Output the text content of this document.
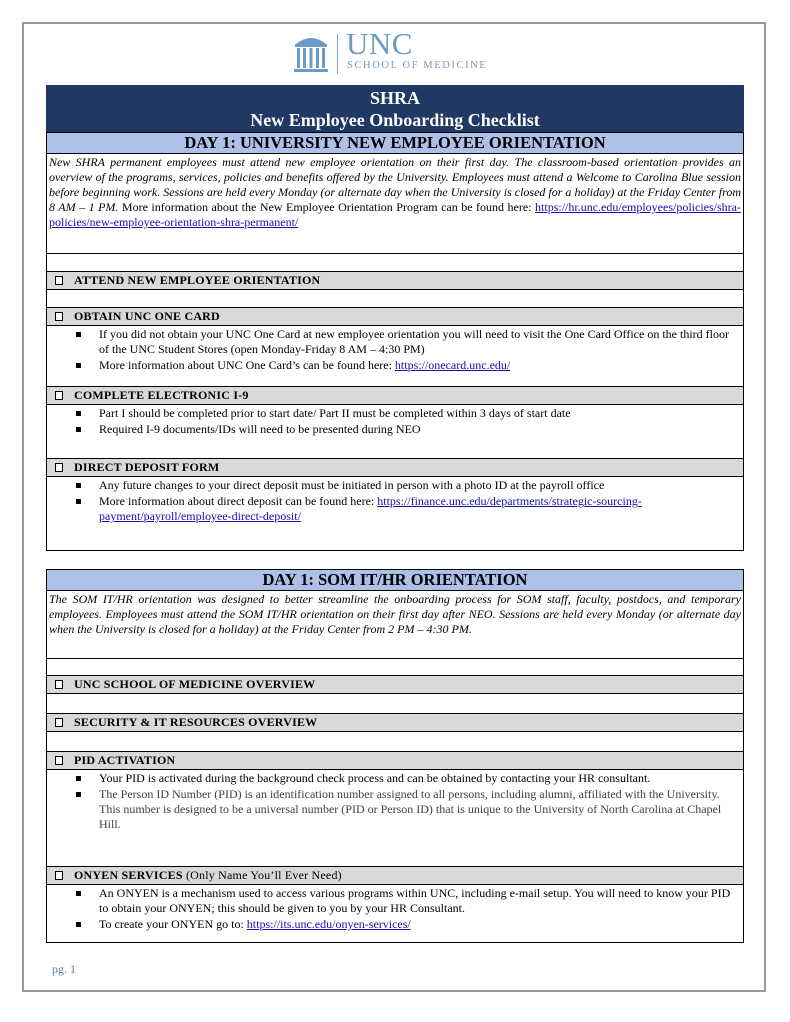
UNC
SCHOOL OF MEDICINE
SHRA
New Employee Onboarding Checklist
DAY 1: UNIVERSITY NEW EMPLOYEE ORIENTATION
New SHRA permanent employees must attend new employee orientation on their first day. The classroom-based orientation provides an overview of the programs, services, policies and benefits offered by the University. Employees must attend a Welcome to Carolina Blue session before beginning work. Sessions are held every Monday (or alternate day when the University is closed for a holiday) at the Friday Center from 8 AM – 1 PM. More information about the New Employee Orientation Program can be found here: https://hr.unc.edu/employees/policies/shra-policies/new-employee-orientation-shra-permanent/
ATTEND NEW EMPLOYEE ORIENTATION
OBTAIN UNC ONE CARD
If you did not obtain your UNC One Card at new employee orientation you will need to visit the One Card Office on the third floor of the UNC Student Stores (open Monday-Friday 8 AM – 4:30 PM)
More information about UNC One Card’s can be found here: https://onecard.unc.edu/
COMPLETE ELECTRONIC I-9
Part I should be completed prior to start date/ Part II must be completed within 3 days of start date
Required I-9 documents/IDs will need to be presented during NEO
DIRECT DEPOSIT FORM
Any future changes to your direct deposit must be initiated in person with a photo ID at the payroll office
More information about direct deposit can be found here: https://finance.unc.edu/departments/strategic-sourcing-payment/payroll/employee-direct-deposit/
DAY 1: SOM IT/HR ORIENTATION
The SOM IT/HR orientation was designed to better streamline the onboarding process for SOM staff, faculty, postdocs, and temporary employees. Employees must attend the SOM IT/HR orientation on their first day after NEO. Sessions are held every Monday (or alternate day when the University is closed for a holiday) at the Friday Center from 2 PM – 4:30 PM.
UNC SCHOOL OF MEDICINE OVERVIEW
SECURITY & IT RESOURCES OVERVIEW
PID ACTIVATION
Your PID is activated during the background check process and can be obtained by contacting your HR consultant.
The Person ID Number (PID) is an identification number assigned to all persons, including alumni, affiliated with the University. This number is designed to be a universal number (PID or Person ID) that is unique to the University of North Carolina at Chapel Hill.
ONYEN SERVICES (Only Name You’ll Ever Need)
An ONYEN is a mechanism used to access various programs within UNC, including e-mail setup. You will need to know your PID to obtain your ONYEN; this should be given to you by your HR Consultant.
To create your ONYEN go to: https://its.unc.edu/onyen-services/
pg. 1
